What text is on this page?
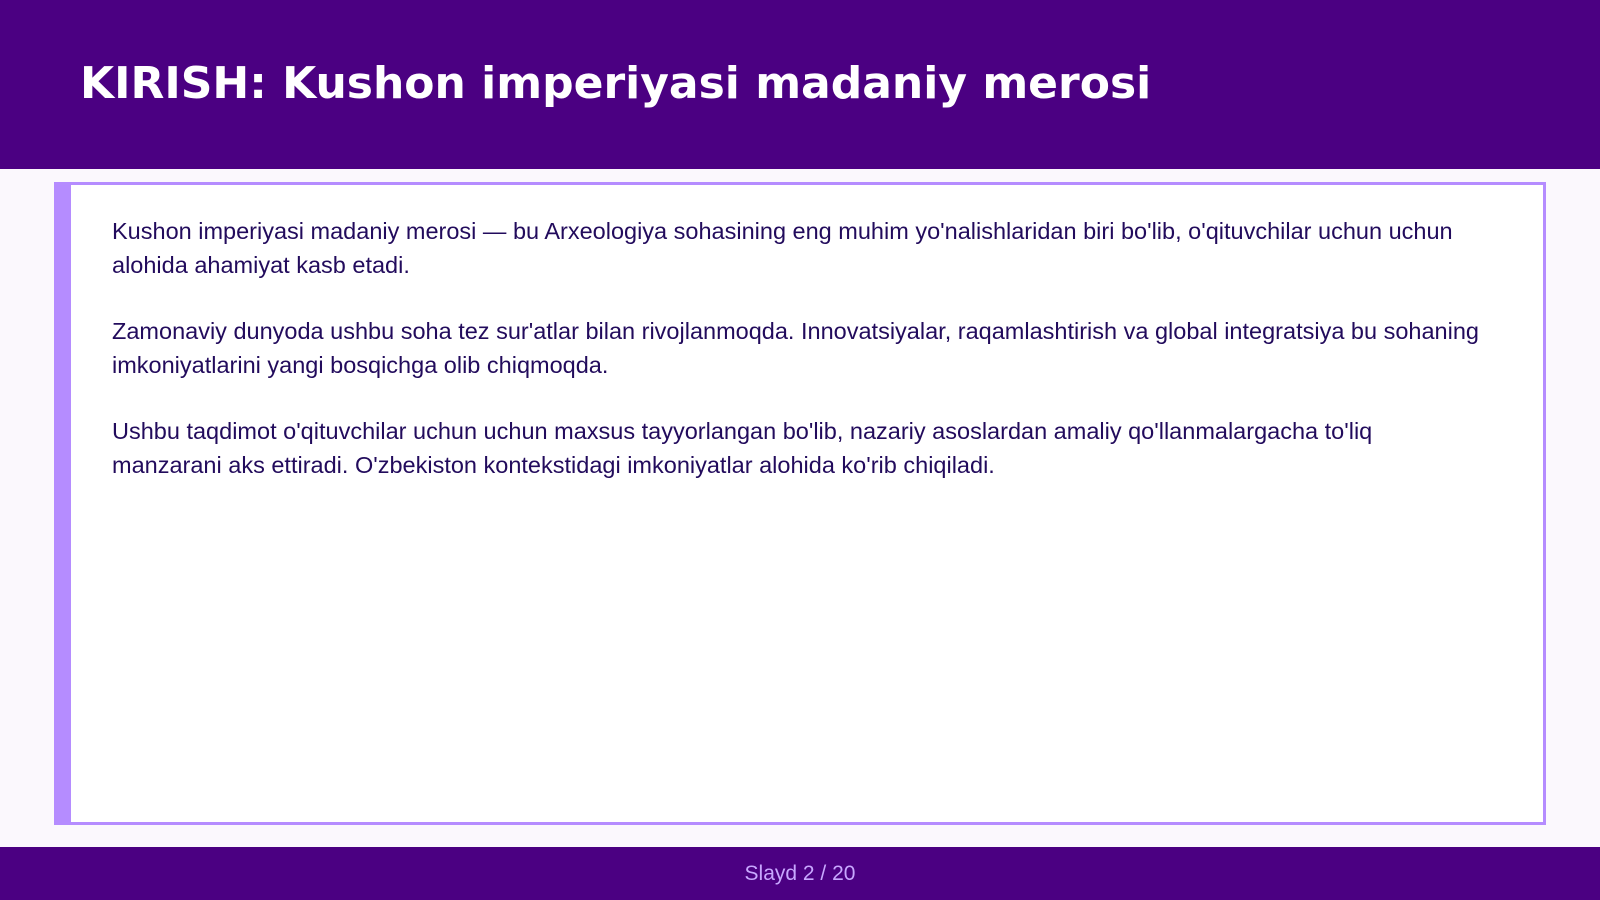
KIRISH: Kushon imperiyasi madaniy merosi

Kushon imperiyasi madaniy merosi — bu Arxeologiya sohasining eng muhim yo'nalishlaridan biri bo'lib, o'qituvchilar uchun uchun alohida ahamiyat kasb etadi.

Zamonaviy dunyoda ushbu soha tez sur'atlar bilan rivojlanmoqda. Innovatsiyalar, raqamlashtirish va global integratsiya bu sohaning imkoniyatlarini yangi bosqichga olib chiqmoqda.

Ushbu taqdimot o'qituvchilar uchun uchun maxsus tayyorlangan bo'lib, nazariy asoslardan amaliy qo'llanmalargacha to'liq manzarani aks ettiradi. O'zbekiston kontekstidagi imkoniyatlar alohida ko'rib chiqiladi.

Slayd 2 / 20
